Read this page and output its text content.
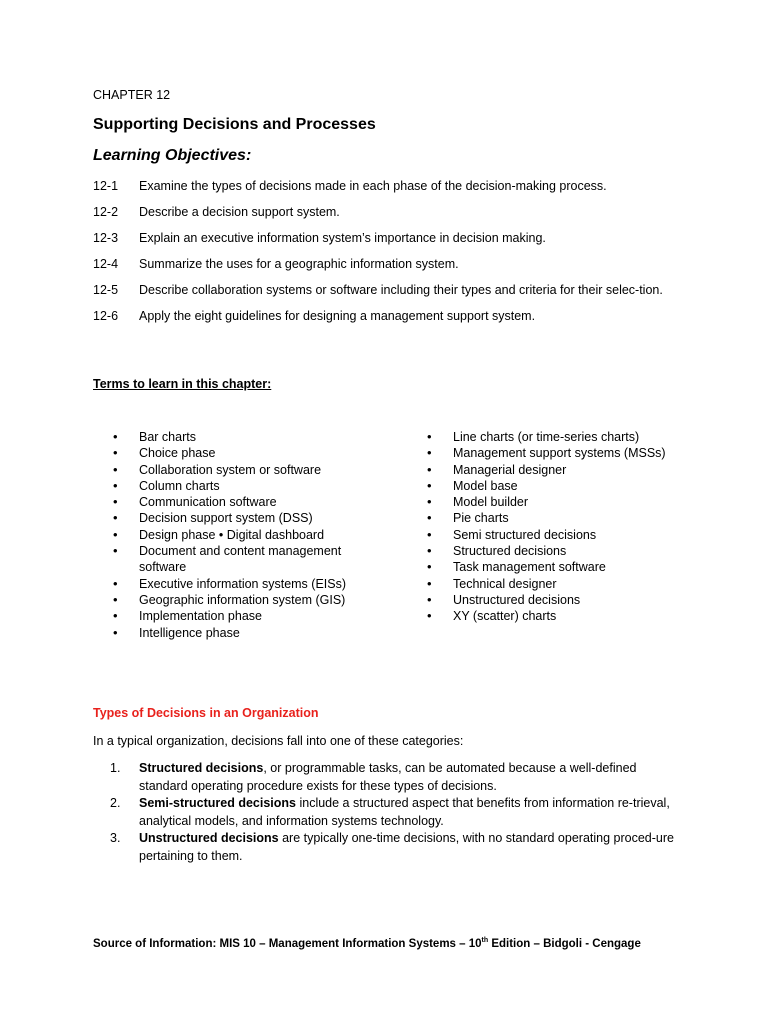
CHAPTER 12
Supporting Decisions and Processes
Learning Objectives:
12-1	Examine the types of decisions made in each phase of the decision-making process.
12-2	Describe a decision support system.
12-3	Explain an executive information system’s importance in decision making.
12-4	Summarize the uses for a geographic information system.
12-5	Describe collaboration systems or software including their types and criteria for their selec-tion.
12-6	Apply the eight guidelines for designing a management support system.
Terms to learn in this chapter:
• Bar charts
• Choice phase
• Collaboration system or software
• Column charts
• Communication software
• Decision support system (DSS)
• Design phase • Digital dashboard
• Document and content management software
• Executive information systems (EISs)
• Geographic information system (GIS)
• Implementation phase
• Intelligence phase
• Line charts (or time-series charts)
• Management support systems (MSSs)
• Managerial designer
• Model base
• Model builder
• Pie charts
• Semi structured decisions
• Structured decisions
• Task management software
• Technical designer
• Unstructured decisions
• XY (scatter) charts
Types of Decisions in an Organization
In a typical organization, decisions fall into one of these categories:
1.	Structured decisions, or programmable tasks, can be automated because a well-defined standard operating procedure exists for these types of decisions.
2.	Semi-structured decisions include a structured aspect that benefits from information re-trieval, analytical models, and information systems technology.
3.	Unstructured decisions are typically one-time decisions, with no standard operating proced-ure pertaining to them.
Source of Information: MIS 10 – Management Information Systems – 10th Edition – Bidgoli - Cengage
